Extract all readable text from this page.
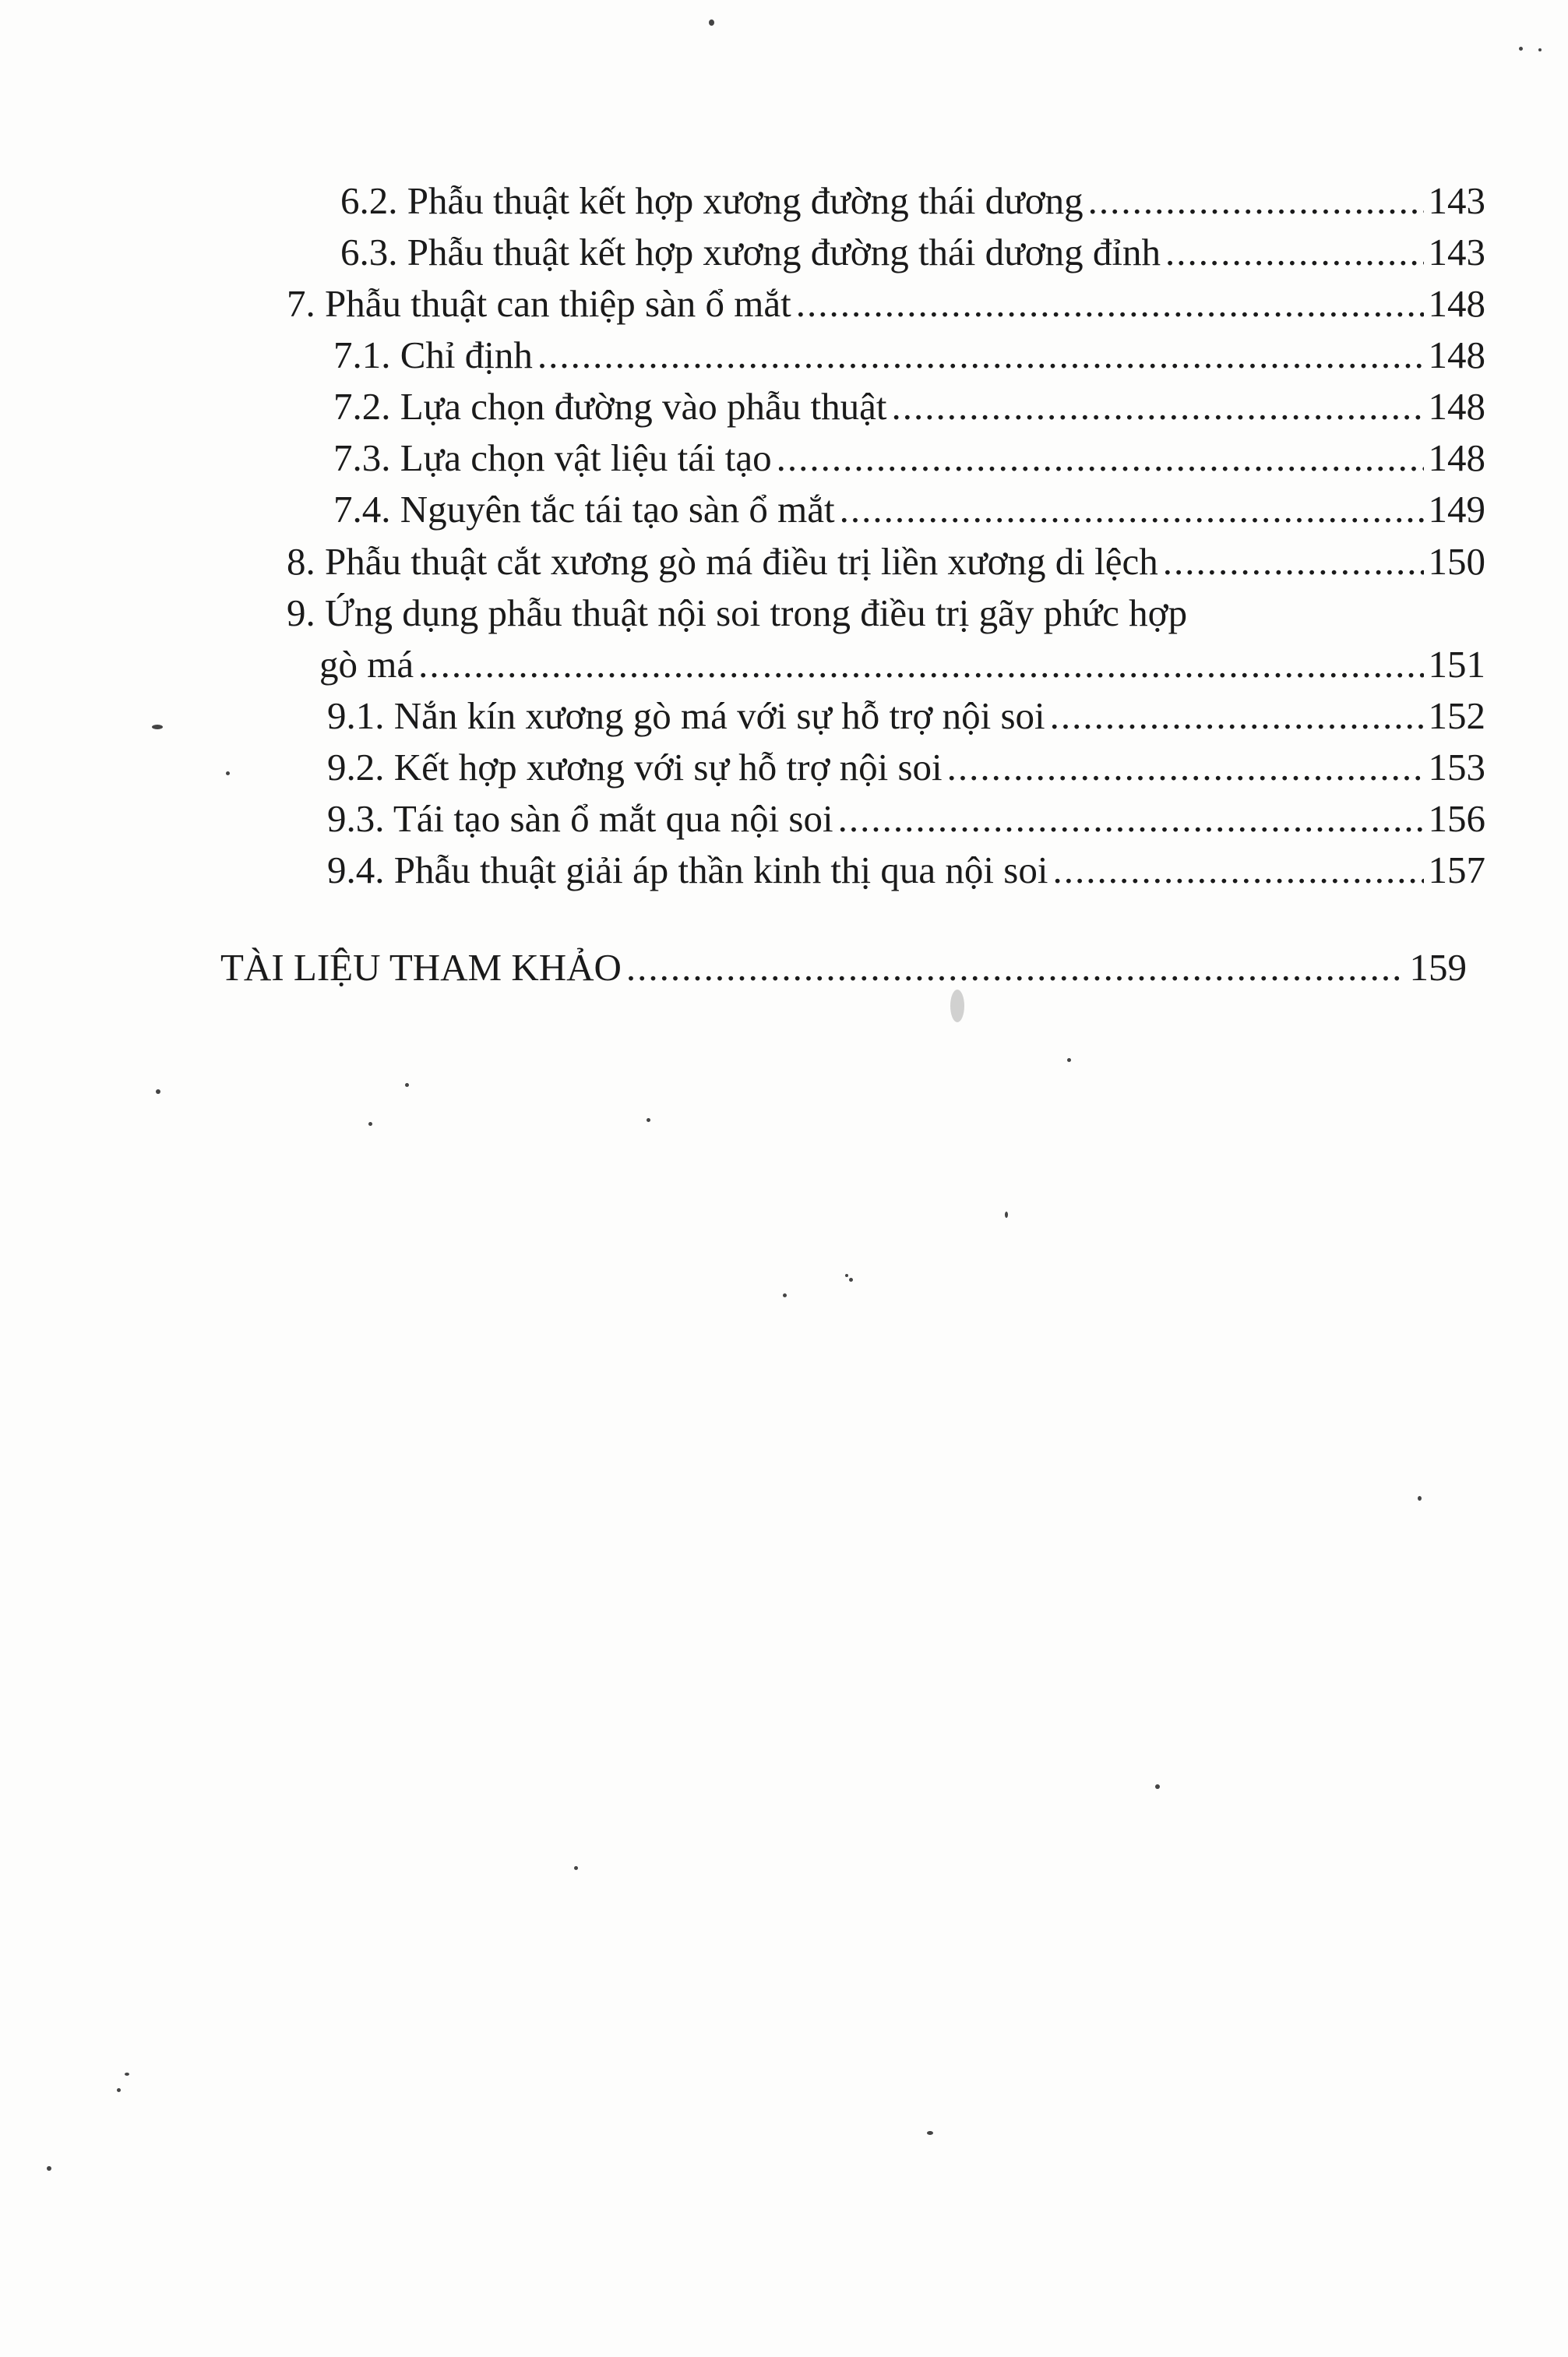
6.2. Phẫu thuật kết hợp xương đường thái dương .....	143
6.3. Phẫu thuật kết hợp xương đường thái dương đỉnh .....	143
7. Phẫu thuật can thiệp sàn ổ mắt .....	148
7.1. Chỉ định .....	148
7.2. Lựa chọn đường vào phẫu thuật .....	148
7.3. Lựa chọn vật liệu tái tạo .....	148
7.4. Nguyên tắc tái tạo sàn ổ mắt .....	149
8. Phẫu thuật cắt xương gò má điều trị liền xương di lệch .....	150
9. Ứng dụng phẫu thuật nội soi trong điều trị gãy phức hợp
gò má .....	151
9.1. Nắn kín xương gò má với sự hỗ trợ nội soi .....	152
9.2. Kết hợp xương với sự hỗ trợ nội soi .....	153
9.3. Tái tạo sàn ổ mắt qua nội soi .....	156
9.4. Phẫu thuật giải áp thần kinh thị qua nội soi .....	157
TÀI LIỆU THAM KHẢO .....	159
